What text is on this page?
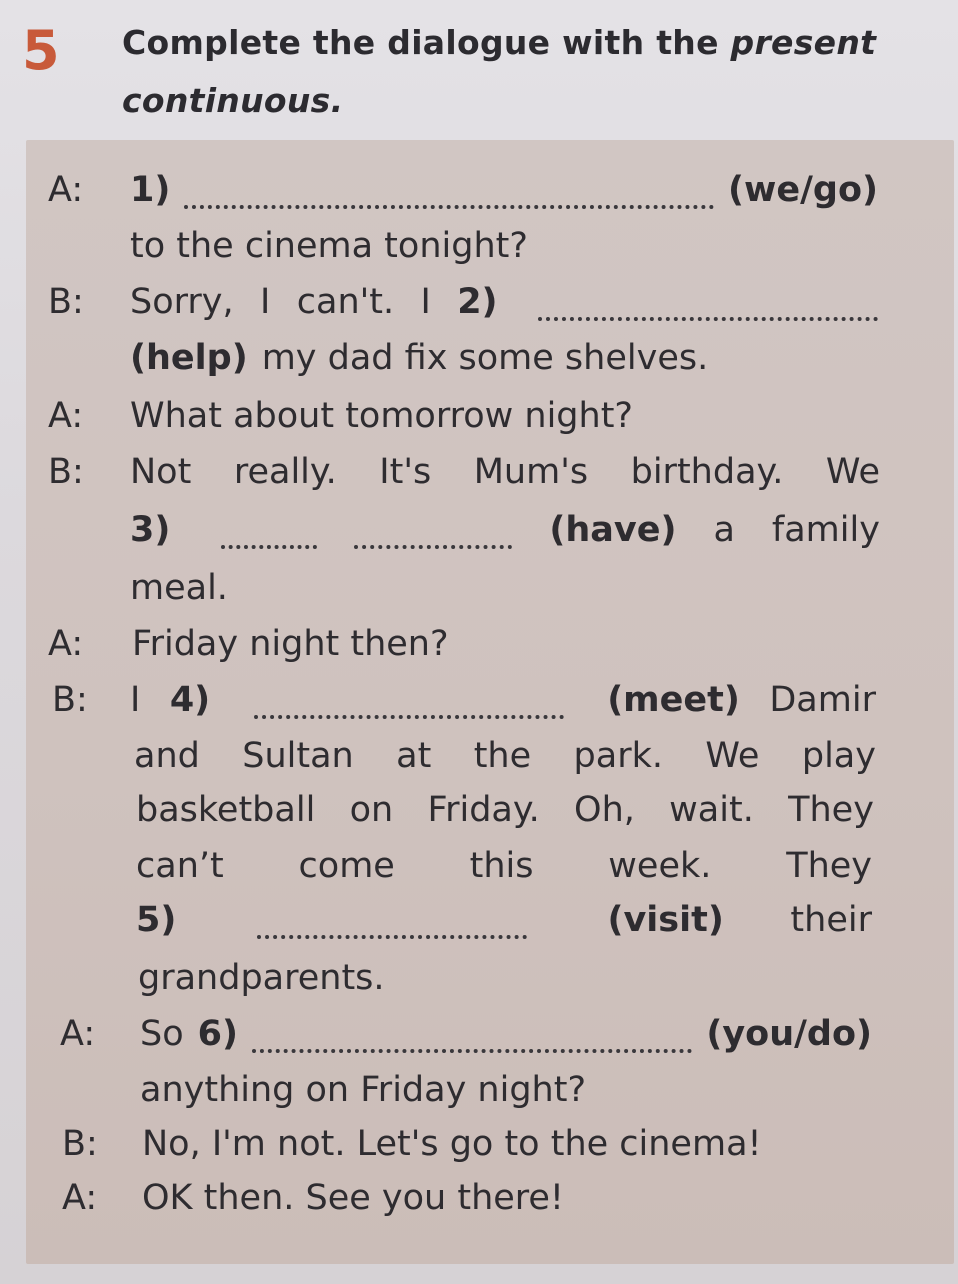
5 Complete the dialogue with the present
continuous.
A: 1)	(we/go)
to the cinema tonight?
B: Sorry, I can't. I 2)
(help) my dad fix some shelves.
A: What about tomorrow night?
B: Not really. It's Mum's birthday. We
3)	(have) a family
meal.
A: Friday night then?
B: I 4)	(meet) Damir
and Sultan at the park. We play
basketball on Friday. Oh, wait. They
can’t come this week. They
5)	(visit) their
grandparents.
A: So 6)	(you/do)
anything on Friday night?
B: No, I'm not. Let's go to the cinema!
A: OK then. See you there!
